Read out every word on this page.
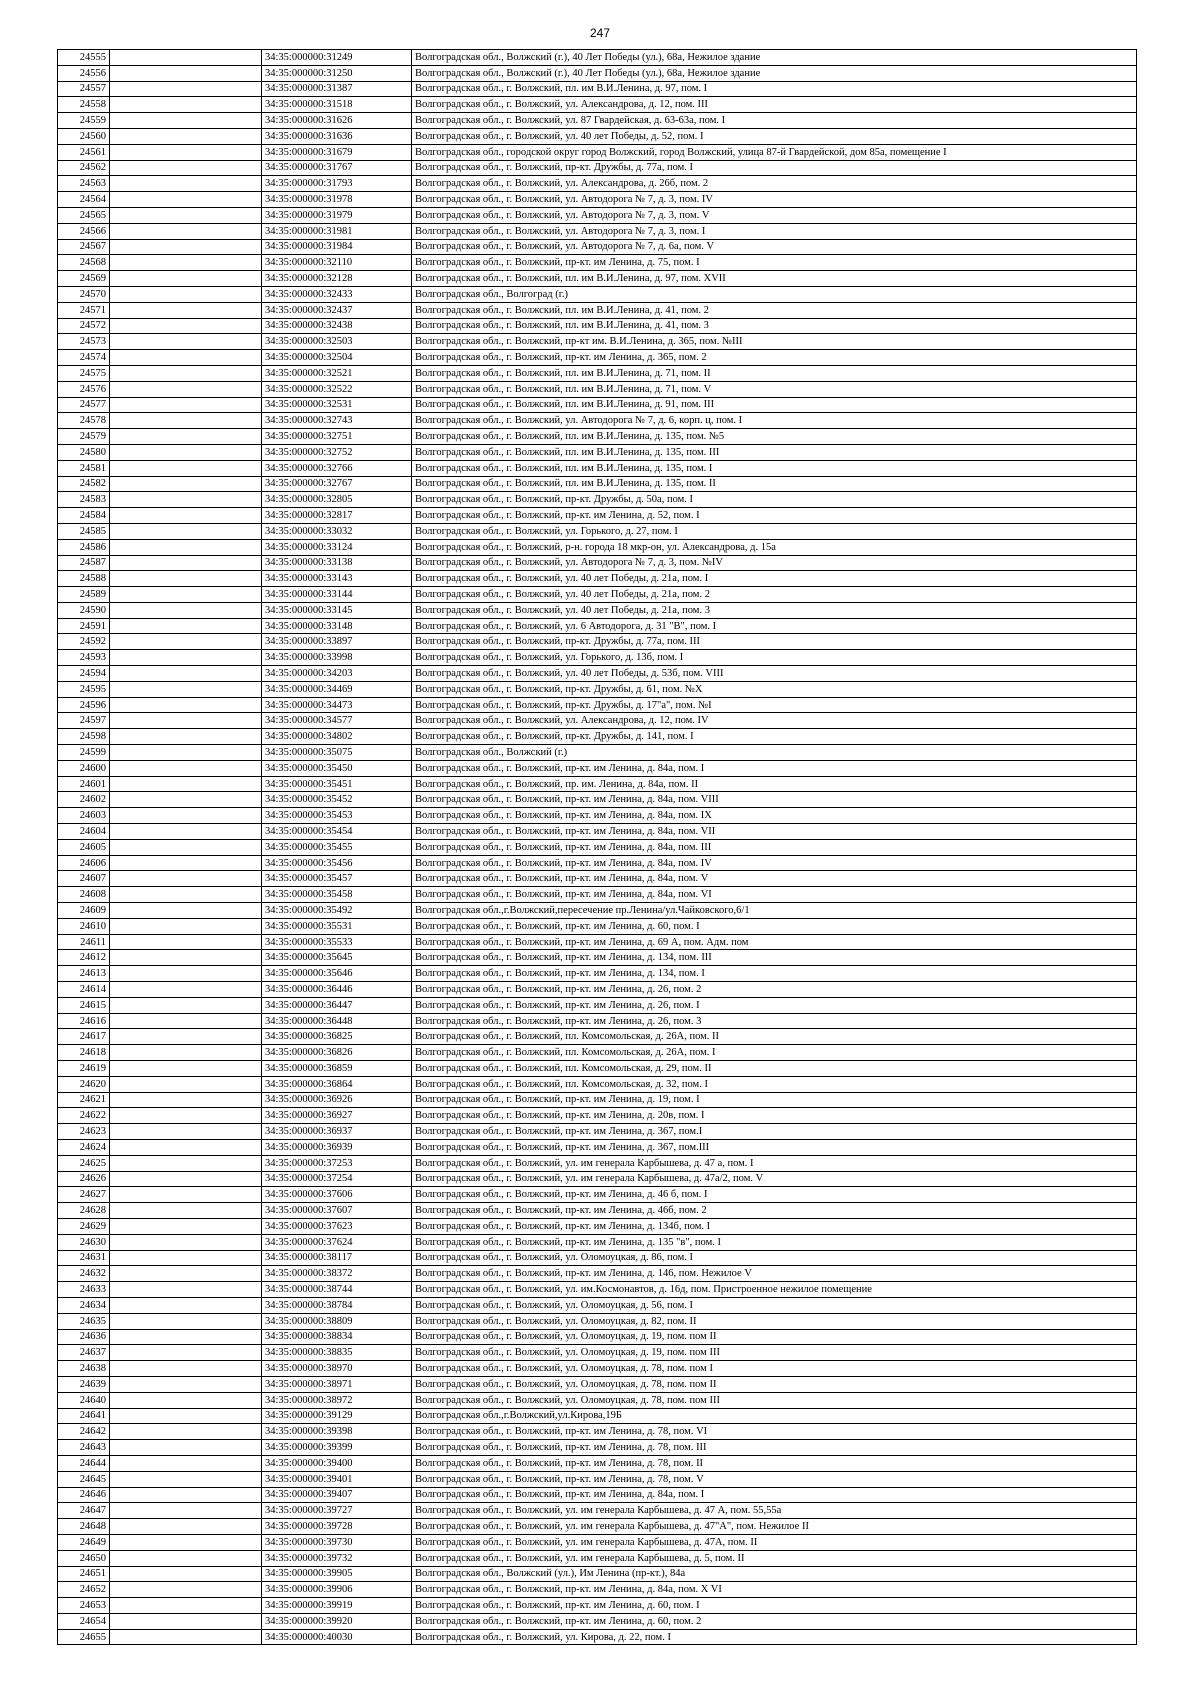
247
24555		34:35:000000:31249	Волгоградская обл., Волжский (г.), 40 Лет Победы (ул.), 68а, Нежилое здание
24556		34:35:000000:31250	Волгоградская обл., Волжский (г.), 40 Лет Победы (ул.), 68а, Нежилое здание
24557		34:35:000000:31387	Волгоградская обл., г. Волжский, пл. им В.И.Ленина, д. 97, пом. I
24558		34:35:000000:31518	Волгоградская обл., г. Волжский, ул. Александрова, д. 12, пом. III
24559		34:35:000000:31626	Волгоградская обл., г. Волжский, ул. 87 Гвардейская, д. 63-63а, пом. I
24560		34:35:000000:31636	Волгоградская обл., г. Волжский, ул. 40 лет Победы, д. 52, пом. I
24561		34:35:000000:31679	Волгоградская обл., городской округ город Волжский, город Волжский, улица 87-й Гвардейской, дом 85а, помещение I
24562		34:35:000000:31767	Волгоградская обл., г. Волжский, пр-кт. Дружбы, д. 77а, пом. I
24563		34:35:000000:31793	Волгоградская обл., г. Волжский, ул. Александрова, д. 26б, пом. 2
24564		34:35:000000:31978	Волгоградская обл., г. Волжский, ул. Автодорога № 7, д. 3, пом. IV
24565		34:35:000000:31979	Волгоградская обл., г. Волжский, ул. Автодорога № 7, д. 3, пом. V
24566		34:35:000000:31981	Волгоградская обл., г. Волжский, ул. Автодорога № 7, д. 3, пом. I
24567		34:35:000000:31984	Волгоградская обл., г. Волжский, ул. Автодорога № 7, д. 6а, пом. V
24568		34:35:000000:32110	Волгоградская обл., г. Волжский, пр-кт. им Ленина, д. 75, пом. I
24569		34:35:000000:32128	Волгоградская обл., г. Волжский, пл. им В.И.Ленина, д. 97, пом. XVII
24570		34:35:000000:32433	Волгоградская обл., Волгоград (г.)
24571		34:35:000000:32437	Волгоградская обл., г. Волжский, пл. им В.И.Ленина, д. 41, пом. 2
24572		34:35:000000:32438	Волгоградская обл., г. Волжский, пл. им В.И.Ленина, д. 41, пом. 3
24573		34:35:000000:32503	Волгоградская обл., г. Волжский, пр-кт им. В.И.Ленина, д. 365, пом. №III
24574		34:35:000000:32504	Волгоградская обл., г. Волжский, пр-кт. им Ленина, д. 365, пом. 2
24575		34:35:000000:32521	Волгоградская обл., г. Волжский, пл. им В.И.Ленина, д. 71, пом. II
24576		34:35:000000:32522	Волгоградская обл., г. Волжский, пл. им В.И.Ленина, д. 71, пом. V
24577		34:35:000000:32531	Волгоградская обл., г. Волжский, пл. им В.И.Ленина, д. 91, пом. III
24578		34:35:000000:32743	Волгоградская обл., г. Волжский, ул. Автодорога № 7, д. 6, корп. ц, пом. I
24579		34:35:000000:32751	Волгоградская обл., г. Волжский, пл. им В.И.Ленина, д. 135, пом. №5
24580		34:35:000000:32752	Волгоградская обл., г. Волжский, пл. им В.И.Ленина, д. 135, пом. III
24581		34:35:000000:32766	Волгоградская обл., г. Волжский, пл. им В.И.Ленина, д. 135, пом. I
24582		34:35:000000:32767	Волгоградская обл., г. Волжский, пл. им В.И.Ленина, д. 135, пом. II
24583		34:35:000000:32805	Волгоградская обл., г. Волжский, пр-кт. Дружбы, д. 50а, пом. I
24584		34:35:000000:32817	Волгоградская обл., г. Волжский, пр-кт. им Ленина, д. 52, пом. I
24585		34:35:000000:33032	Волгоградская обл., г. Волжский, ул. Горького, д. 27, пом. I
24586		34:35:000000:33124	Волгоградская обл., г. Волжский, р-н. города 18 мкр-он, ул. Александрова, д. 15а
24587		34:35:000000:33138	Волгоградская обл., г. Волжский, ул. Автодорога № 7, д. 3, пом. №IV
24588		34:35:000000:33143	Волгоградская обл., г. Волжский, ул. 40 лет Победы, д. 21а, пом. I
24589		34:35:000000:33144	Волгоградская обл., г. Волжский, ул. 40 лет Победы, д. 21а, пом. 2
24590		34:35:000000:33145	Волгоградская обл., г. Волжский, ул. 40 лет Победы, д. 21а, пом. 3
24591		34:35:000000:33148	Волгоградская обл., г. Волжский, ул. 6 Автодорога, д. 31 "В", пом. I
24592		34:35:000000:33897	Волгоградская обл., г. Волжский, пр-кт. Дружбы, д. 77а, пом. III
24593		34:35:000000:33998	Волгоградская обл., г. Волжский, ул. Горького, д. 13б, пом. I
24594		34:35:000000:34203	Волгоградская обл., г. Волжский, ул. 40 лет Победы, д. 53б, пом. VIII
24595		34:35:000000:34469	Волгоградская обл., г. Волжский, пр-кт. Дружбы, д. 61, пом. №X
24596		34:35:000000:34473	Волгоградская обл., г. Волжский, пр-кт. Дружбы, д. 17"а", пом. №I
24597		34:35:000000:34577	Волгоградская обл., г. Волжский, ул. Александрова, д. 12, пом. IV
24598		34:35:000000:34802	Волгоградская обл., г. Волжский, пр-кт. Дружбы, д. 141, пом. I
24599		34:35:000000:35075	Волгоградская обл., Волжский (г.)
24600		34:35:000000:35450	Волгоградская обл., г. Волжский, пр-кт. им Ленина, д. 84а, пом. I
24601		34:35:000000:35451	Волгоградская обл., г. Волжский, пр. им. Ленина, д. 84а, пом. II
24602		34:35:000000:35452	Волгоградская обл., г. Волжский, пр-кт. им Ленина, д. 84а, пом. VIII
24603		34:35:000000:35453	Волгоградская обл., г. Волжский, пр-кт. им Ленина, д. 84а, пом. IX
24604		34:35:000000:35454	Волгоградская обл., г. Волжский, пр-кт. им Ленина, д. 84а, пом. VII
24605		34:35:000000:35455	Волгоградская обл., г. Волжский, пр-кт. им Ленина, д. 84а, пом. III
24606		34:35:000000:35456	Волгоградская обл., г. Волжский, пр-кт. им Ленина, д. 84а, пом. IV
24607		34:35:000000:35457	Волгоградская обл., г. Волжский, пр-кт. им Ленина, д. 84а, пом. V
24608		34:35:000000:35458	Волгоградская обл., г. Волжский, пр-кт. им Ленина, д. 84а, пом. VI
24609		34:35:000000:35492	Волгоградская обл.,г.Волжский,пересечение пр.Ленина/ул.Чайковского,6/1
24610		34:35:000000:35531	Волгоградская обл., г. Волжский, пр-кт. им Ленина, д. 60, пом. I
24611		34:35:000000:35533	Волгоградская обл., г. Волжский, пр-кт. им Ленина, д. 69 А, пом. Адм. пом
24612		34:35:000000:35645	Волгоградская обл., г. Волжский, пр-кт. им Ленина, д. 134, пом. III
24613		34:35:000000:35646	Волгоградская обл., г. Волжский, пр-кт. им Ленина, д. 134, пом. I
24614		34:35:000000:36446	Волгоградская обл., г. Волжский, пр-кт. им Ленина, д. 26, пом. 2
24615		34:35:000000:36447	Волгоградская обл., г. Волжский, пр-кт. им Ленина, д. 26, пом. I
24616		34:35:000000:36448	Волгоградская обл., г. Волжский, пр-кт. им Ленина, д. 26, пом. 3
24617		34:35:000000:36825	Волгоградская обл., г. Волжский, пл. Комсомольская, д. 26А, пом. II
24618		34:35:000000:36826	Волгоградская обл., г. Волжский, пл. Комсомольская, д. 26А, пом. I
24619		34:35:000000:36859	Волгоградская обл., г. Волжский, пл. Комсомольская, д. 29, пом. II
24620		34:35:000000:36864	Волгоградская обл., г. Волжский, пл. Комсомольская, д. 32, пом. I
24621		34:35:000000:36926	Волгоградская обл., г. Волжский, пр-кт. им Ленина, д. 19, пом. I
24622		34:35:000000:36927	Волгоградская обл., г. Волжский, пр-кт. им Ленина, д. 20в, пом. I
24623		34:35:000000:36937	Волгоградская обл., г. Волжский, пр-кт. им Ленина, д. 367, пом.I
24624		34:35:000000:36939	Волгоградская обл., г. Волжский, пр-кт. им Ленина, д. 367, пом.III
24625		34:35:000000:37253	Волгоградская обл., г. Волжский, ул. им генерала Карбышева, д. 47 а, пом. I
24626		34:35:000000:37254	Волгоградская обл., г. Волжский, ул. им генерала Карбышева, д. 47а/2, пом. V
24627		34:35:000000:37606	Волгоградская обл., г. Волжский, пр-кт. им Ленина, д. 46 б, пом. I
24628		34:35:000000:37607	Волгоградская обл., г. Волжский, пр-кт. им Ленина, д. 46б, пом. 2
24629		34:35:000000:37623	Волгоградская обл., г. Волжский, пр-кт. им Ленина, д. 134б, пом. I
24630		34:35:000000:37624	Волгоградская обл., г. Волжский, пр-кт. им Ленина, д. 135 "в", пом. I
24631		34:35:000000:38117	Волгоградская обл., г. Волжский, ул. Оломоуцкая, д. 86, пом. I
24632		34:35:000000:38372	Волгоградская обл., г. Волжский, пр-кт. им Ленина, д. 146, пом. Нежилое V
24633		34:35:000000:38744	Волгоградская обл., г. Волжский, ул. им.Космонавтов, д. 16д, пом. Пристроенное нежилое помещение
24634		34:35:000000:38784	Волгоградская обл., г. Волжский, ул. Оломоуцкая, д. 56, пом. I
24635		34:35:000000:38809	Волгоградская обл., г. Волжский, ул. Оломоуцкая, д. 82, пом. II
24636		34:35:000000:38834	Волгоградская обл., г. Волжский, ул. Оломоуцкая, д. 19, пом. пом II
24637		34:35:000000:38835	Волгоградская обл., г. Волжский, ул. Оломоуцкая, д. 19, пом. пом III
24638		34:35:000000:38970	Волгоградская обл., г. Волжский, ул. Оломоуцкая, д. 78, пом. пом I
24639		34:35:000000:38971	Волгоградская обл., г. Волжский, ул. Оломоуцкая, д. 78, пом. пом II
24640		34:35:000000:38972	Волгоградская обл., г. Волжский, ул. Оломоуцкая, д. 78, пом. пом III
24641		34:35:000000:39129	Волгоградская обл.,г.Волжский,ул.Кирова,19Б
24642		34:35:000000:39398	Волгоградская обл., г. Волжский, пр-кт. им Ленина, д. 78, пом. VI
24643		34:35:000000:39399	Волгоградская обл., г. Волжский, пр-кт. им Ленина, д. 78, пом. III
24644		34:35:000000:39400	Волгоградская обл., г. Волжский, пр-кт. им Ленина, д. 78, пом. II
24645		34:35:000000:39401	Волгоградская обл., г. Волжский, пр-кт. им Ленина, д. 78, пом. V
24646		34:35:000000:39407	Волгоградская обл., г. Волжский, пр-кт. им Ленина, д. 84а, пом. I
24647		34:35:000000:39727	Волгоградская обл., г. Волжский, ул. им генерала Карбышева, д. 47 А, пом. 55,55а
24648		34:35:000000:39728	Волгоградская обл., г. Волжский, ул. им генерала Карбышева, д. 47"А", пом. Нежилое II
24649		34:35:000000:39730	Волгоградская обл., г. Волжский, ул. им генерала Карбышева, д. 47А, пом. II
24650		34:35:000000:39732	Волгоградская обл., г. Волжский, ул. им генерала Карбышева, д. 5, пом. II
24651		34:35:000000:39905	Волгоградская обл., Волжский (ул.), Им Ленина (пр-кт.), 84а
24652		34:35:000000:39906	Волгоградская обл., г. Волжский, пр-кт. им Ленина, д. 84а, пом. X VI
24653		34:35:000000:39919	Волгоградская обл., г. Волжский, пр-кт. им Ленина, д. 60, пом. I
24654		34:35:000000:39920	Волгоградская обл., г. Волжский, пр-кт. им Ленина, д. 60, пом. 2
24655		34:35:000000:40030	Волгоградская обл., г. Волжский, ул. Кирова, д. 22, пом. I
